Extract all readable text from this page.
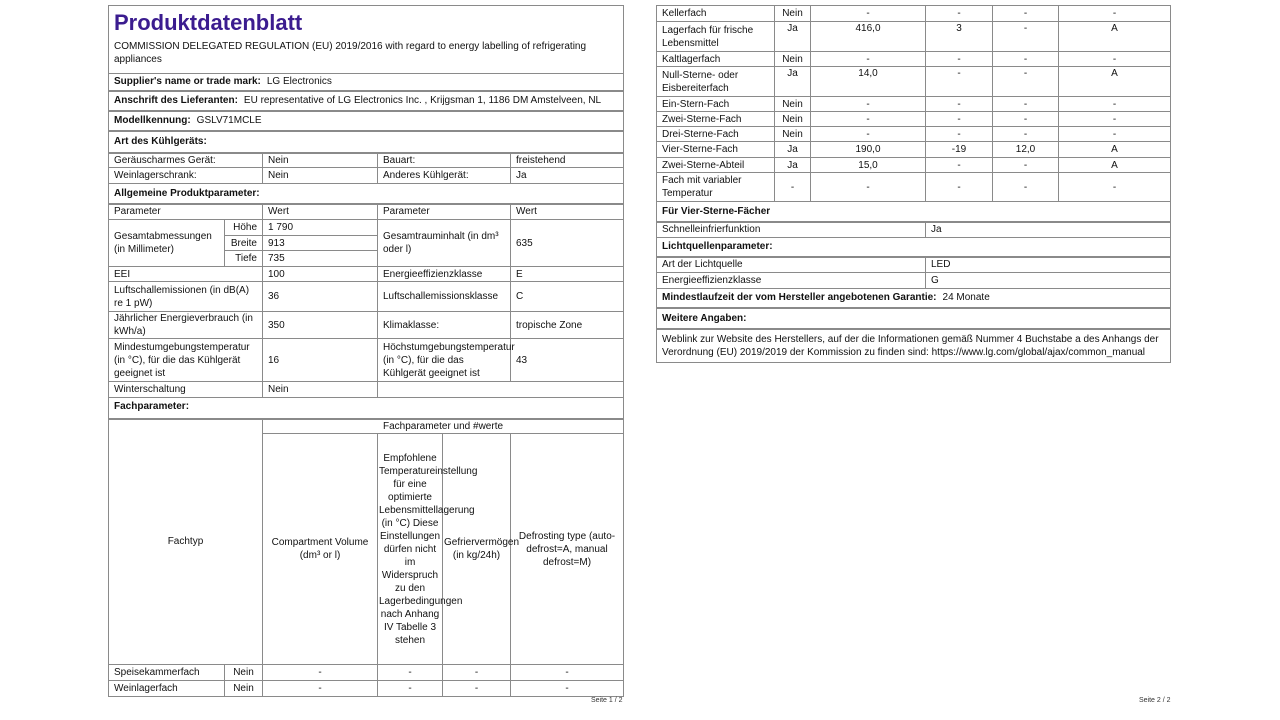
Produktdatenblatt					
COMMISSION DELEGATED REGULATION (EU) 2019/2016 with regard to energy labelling of refrigerating appliances					
Supplier's name or trade mark: LG Electronics					
Anschrift des Lieferanten: EU representative of LG Electronics Inc. , Krijgsman 1, 1186 DM Amstelveen, NL					
Modellkennung: GSLV71MCLE					
Art des Kühlgeräts:					
Geräuscharmes Gerät:		Nein	Bauart:		freistehend
Weinlagerschrank:		Nein	Anderes Kühlgerät:		Ja
Allgemeine Produktparameter:					
Parameter		Wert	Parameter		Wert
Gesamtabmessungen (in Millimeter)	Höhe	1 790	Gesamtrauminhalt (in dm³ oder l)		635
	Breite	913			
	Tiefe	735			
EEI		100	Energieeffizienzklasse		E
Luftschallemissionen (in dB(A) re 1 pW)		36	Luftschallemissionsklasse		C
Jährlicher Energieverbrauch (in kWh/a)		350	Klimaklasse:		tropische Zone
Mindestumgebungstemperatur (in °C), für die das Kühlgerät geeignet ist		16	Höchstumgebungstemperatur (in °C), für die das Kühlgerät geeignet ist		43
Winterschaltung		Nein			
Fachparameter:					
Fachtyp		Fachparameter und #werte			
		Compartment Volume (dm³ or l)	Empfohlene Temperatureinstellung für eine optimierte Lebensmittellagerung (in °C) Diese Einstellungen dürfen nicht im Widerspruch zu den Lagerbedingungen nach Anhang IV Tabelle 3 stehen	Gefriervermögen (in kg/24h)	Defrosting type (auto-defrost=A, manual defrost=M)
Speisekammerfach	Nein	-	-	-	-
Weinlagerfach	Nein	-	-	-	-
Seite 1 / 2
Kellerfach	Nein	-	-	-	-
Lagerfach für frische Lebensmittel	Ja	416,0	3	-	A
Kaltlagerfach	Nein	-	-	-	-
Null-Sterne- oder Eisbereiterfach	Ja	14,0	-	-	A
Ein-Stern-Fach	Nein	-	-	-	-
Zwei-Sterne-Fach	Nein	-	-	-	-
Drei-Sterne-Fach	Nein	-	-	-	-
Vier-Sterne-Fach	Ja	190,0	-19	12,0	A
Zwei-Sterne-Abteil	Ja	15,0	-	-	A
Fach mit variabler Temperatur	-	-	-	-	-
Für Vier-Sterne-Fächer					
Schnelleinfrierfunktion			Ja		
Lichtquellenparameter:					
Art der Lichtquelle			LED		
Energieeffizienzklasse			G		
Mindestlaufzeit der vom Hersteller angebotenen Garantie: 24 Monate					
Weitere Angaben:					
Weblink zur Website des Herstellers, auf der die Informationen gemäß Nummer 4 Buchstabe a des Anhangs der Verordnung (EU) 2019/2019 der Kommission zu finden sind: https://www.lg.com/global/ajax/common_manual					
Seite 2 / 2
